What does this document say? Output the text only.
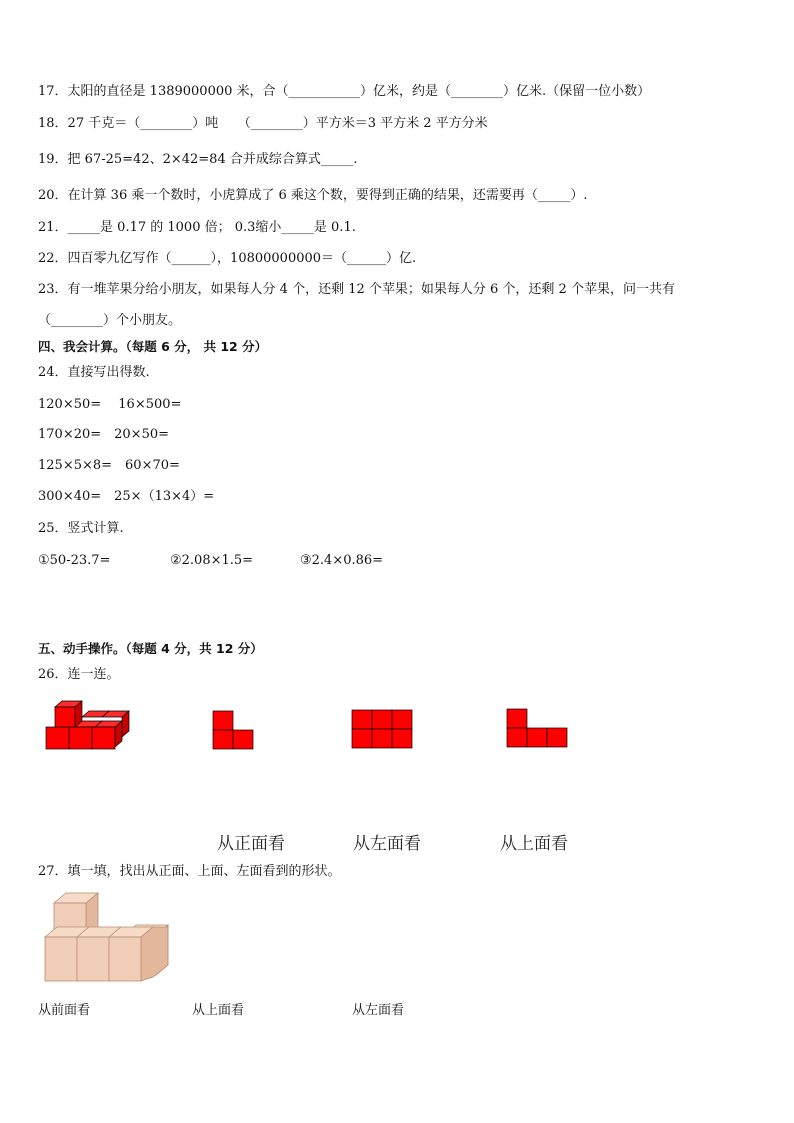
17．太阳的直径是 1389000000 米，合（___________）亿米，约是（________）亿米.（保留一位小数）
18．27 千克＝（________）吨　　（________）平方米＝3 平方米 2 平方分米
19．把 67-25=42、2×42=84 合并成综合算式_____.
20．在计算 36 乘一个数时，小虎算成了 6 乘这个数，要得到正确的结果，还需要再（_____）.
21．_____是 0.17 的 1000 倍； 0.3缩小_____是 0.1.
22．四百零九亿写作（______），10800000000＝（______）亿.
23．有一堆苹果分给小朋友，如果每人分 4 个，还剩 12 个苹果；如果每人分 6 个，还剩 2 个苹果，问一共有
（________）个小朋友。
四、我会计算。（每题 6 分， 共 12 分）
24．直接写出得数.
120×50=　 16×500=
170×20=　20×50=
125×5×8=　60×70=
300×40=　25×（13×4）=
25．竖式计算.
①50-23.7=	②2.08×1.5=	③2.4×0.86=
五、动手操作。（每题 4 分，共 12 分）
26．连一连。
从正面看	从左面看	从上面看
27．填一填，找出从正面、上面、左面看到的形状。
从前面看	从上面看	从左面看
